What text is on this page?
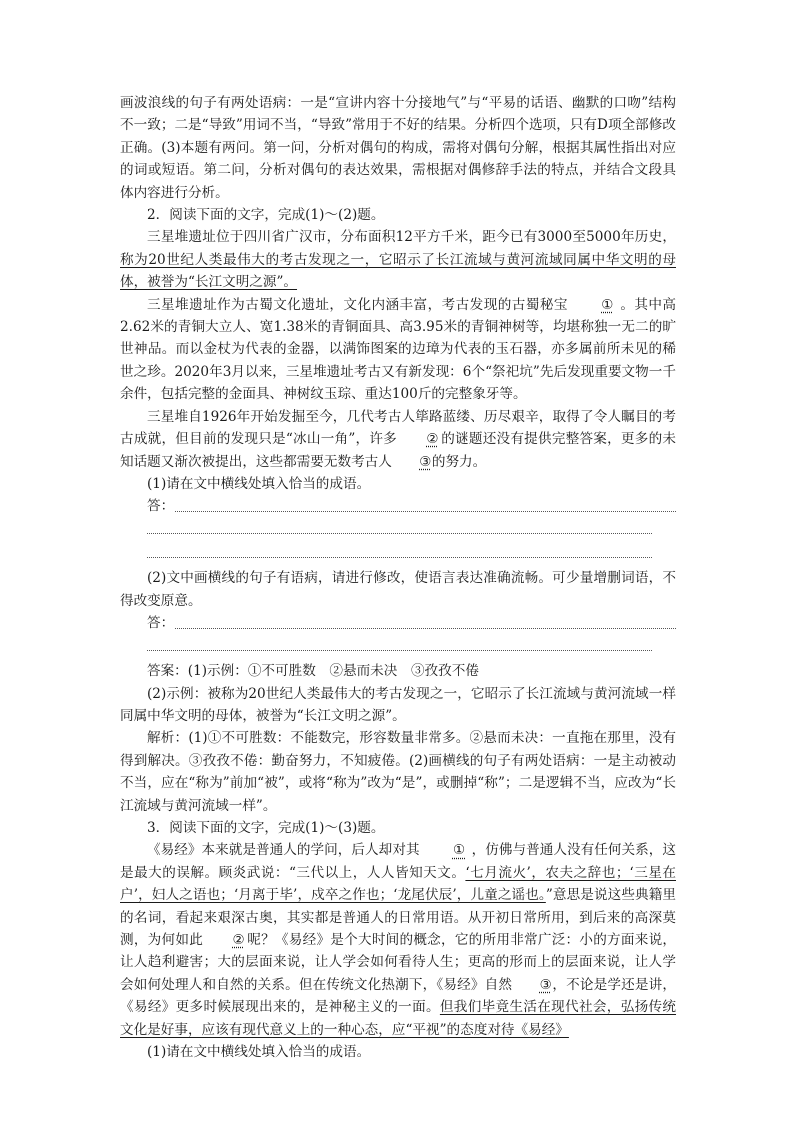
画波浪线的句子有两处语病：一是“宣讲内容十分接地气”与“平易的话语、幽默的口吻”结构不一致；二是“导致”用词不当，“导致”常用于不好的结果。分析四个选项，只有D项全部修改正确。(3)本题有两问。第一问，分析对偶句的构成，需将对偶句分解，根据其属性指出对应的词或短语。第二问，分析对偶句的表达效果，需根据对偶修辞手法的特点，并结合文段具体内容进行分析。

2．阅读下面的文字，完成(1)～(2)题。

三星堆遗址位于四川省广汉市，分布面积12平方千米，距今已有3000至5000年历史，称为20世纪人类最伟大的考古发现之一，它昭示了长江流域与黄河流域同属中华文明的母体，被誉为“长江文明之源”。

三星堆遗址作为古蜀文化遗址，文化内涵丰富，考古发现的古蜀秘宝 ① 。其中高2.62米的青铜大立人、宽1.38米的青铜面具、高3.95米的青铜神树等，均堪称独一无二的旷世神品。而以金杖为代表的金器，以满饰图案的边璋为代表的玉石器，亦多属前所未见的稀世之珍。2020年3月以来，三星堆遗址考古又有新发现：6个“祭祀坑”先后发现重要文物一千余件，包括完整的金面具、神树纹玉琮、重达100斤的完整象牙等。

三星堆自1926年开始发掘至今，几代考古人筚路蓝缕、历尽艰辛，取得了令人瞩目的考古成就，但目前的发现只是“冰山一角”，许多 ② 的谜题还没有提供完整答案，更多的未知话题又渐次被提出，这些都需要无数考古人 ③的努力。

(1)请在文中横线处填入恰当的成语。

答：

(2)文中画横线的句子有语病，请进行修改，使语言表达准确流畅。可少量增删词语，不得改变原意。

答：

答案：(1)示例：①不可胜数　②悬而未决　③孜孜不倦

(2)示例：被称为20世纪人类最伟大的考古发现之一，它昭示了长江流域与黄河流域一样同属中华文明的母体，被誉为“长江文明之源”。

解析：(1)①不可胜数：不能数完，形容数量非常多。②悬而未决：一直拖在那里，没有得到解决。③孜孜不倦：勤奋努力，不知疲倦。(2)画横线的句子有两处语病：一是主动被动不当，应在“称为”前加“被”，或将“称为”改为“是”，或删掉“称”；二是逻辑不当，应改为“长江流域与黄河流域一样”。

3．阅读下面的文字，完成(1)～(3)题。

《易经》本来就是普通人的学问，后人却对其 ① ，仿佛与普通人没有任何关系，这是最大的误解。顾炎武说：“三代以上，人人皆知天文。‘七月流火’，农夫之辞也；‘三星在户’，妇人之语也；‘月离于毕’，戍卒之作也；‘龙尾伏辰’，儿童之谣也。”意思是说这些典籍里的名词，看起来艰深古奥，其实都是普通人的日常用语。从开初日常所用，到后来的高深莫测，为何如此 ② 呢？《易经》是个大时间的概念，它的所用非常广泛：小的方面来说，让人趋利避害；大的层面来说，让人学会如何看待人生；更高的形而上的层面来说，让人学会如何处理人和自然的关系。但在传统文化热潮下，《易经》自然 ③，不论是学还是讲，《易经》更多时候展现出来的，是神秘主义的一面。但我们毕竟生活在现代社会，弘扬传统文化是好事，应该有现代意义上的一种心态，应“平视”的态度对待《易经》

(1)请在文中横线处填入恰当的成语。
